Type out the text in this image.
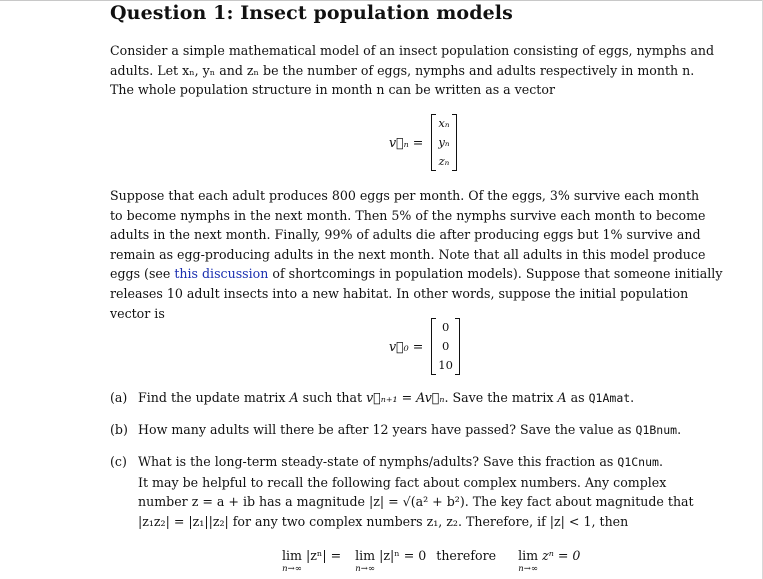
Question 1: Insect population models
Consider a simple mathematical model of an insect population consisting of eggs, nymphs and
adults. Let xₙ, yₙ and zₙ be the number of eggs, nymphs and adults respectively in month n.
The whole population structure in month n can be written as a vector
v⃗ₙ =
xₙ
yₙ
zₙ
Suppose that each adult produces 800 eggs per month. Of the eggs, 3% survive each month
to become nymphs in the next month. Then 5% of the nymphs survive each month to become
adults in the next month. Finally, 99% of adults die after producing eggs but 1% survive and
remain as egg-producing adults in the next month. Note that all adults in this model produce
eggs (see this discussion of shortcomings in population models). Suppose that someone initially
releases 10 adult insects into a new habitat. In other words, suppose the initial population
vector is
v⃗₀ =
0
0
10
(a) Find the update matrix A such that v⃗ₙ₊₁ = Av⃗ₙ. Save the matrix A as Q1Amat.
(b) How many adults will there be after 12 years have passed? Save the value as Q1Bnum.
(c) What is the long-term steady-state of nymphs/adults? Save this fraction as Q1Cnum.
It may be helpful to recall the following fact about complex numbers. Any complex
number z = a + ib has a magnitude |z| = √(a² + b²). The key fact about magnitude that
|z₁z₂| = |z₁||z₂| for any two complex numbers z₁, z₂. Therefore, if |z| < 1, then
lim
n→∞
|zⁿ| = lim
n→∞
|z|ⁿ = 0 therefore lim
n→∞
zⁿ = 0
